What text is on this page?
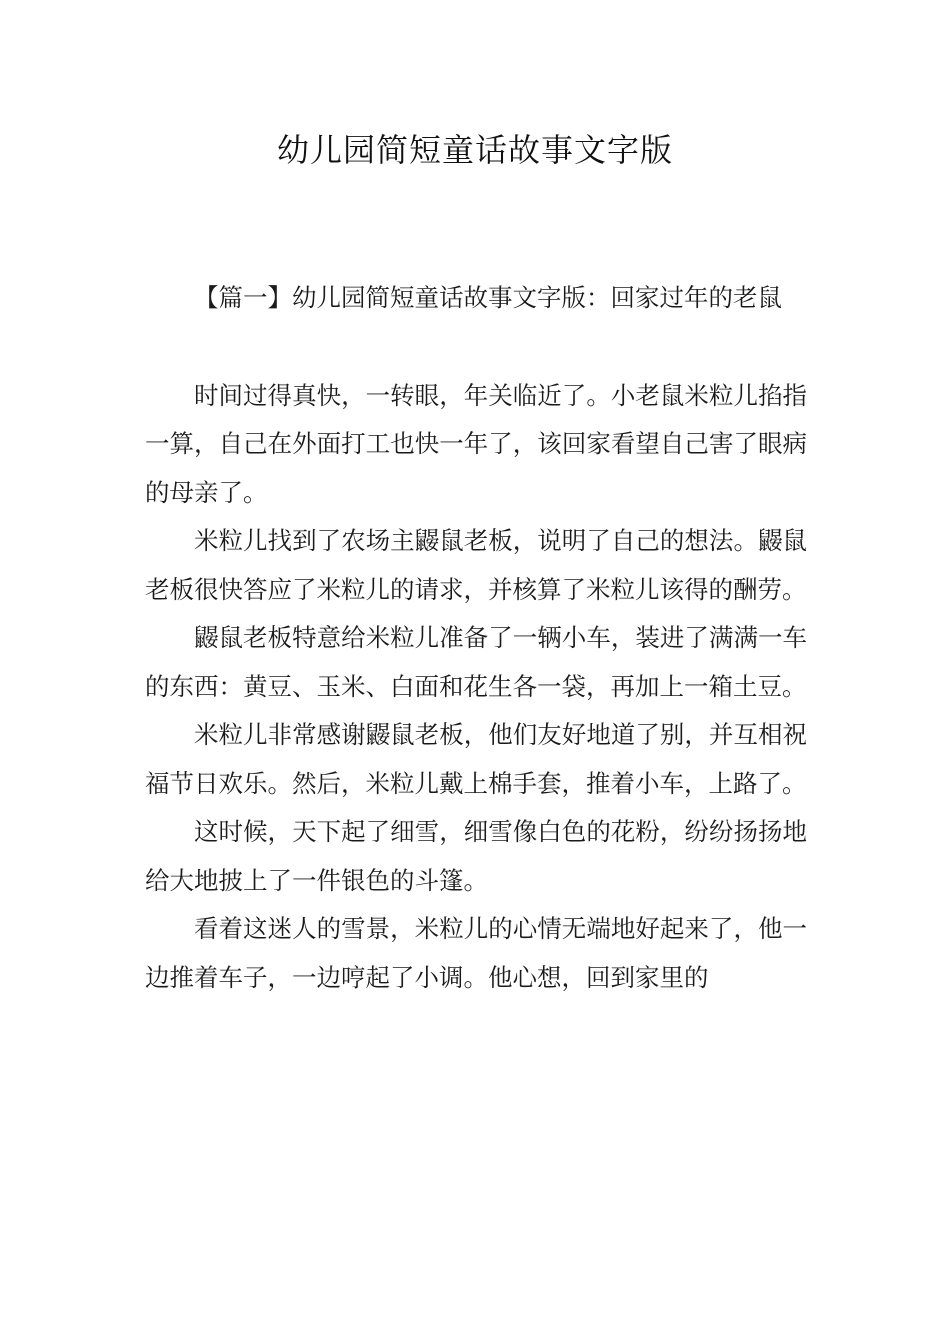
幼儿园简短童话故事文字版

【篇一】幼儿园简短童话故事文字版：回家过年的老鼠

时间过得真快，一转眼，年关临近了。小老鼠米粒儿掐指一算，自己在外面打工也快一年了，该回家看望自己害了眼病的母亲了。

米粒儿找到了农场主鼹鼠老板，说明了自己的想法。鼹鼠老板很快答应了米粒儿的请求，并核算了米粒儿该得的酬劳。

鼹鼠老板特意给米粒儿准备了一辆小车，装进了满满一车的东西：黄豆、玉米、白面和花生各一袋，再加上一箱土豆。

米粒儿非常感谢鼹鼠老板，他们友好地道了别，并互相祝福节日欢乐。然后，米粒儿戴上棉手套，推着小车，上路了。

这时候，天下起了细雪，细雪像白色的花粉，纷纷扬扬地给大地披上了一件银色的斗篷。

看着这迷人的雪景，米粒儿的心情无端地好起来了，他一边推着车子，一边哼起了小调。他心想，回到家里的
